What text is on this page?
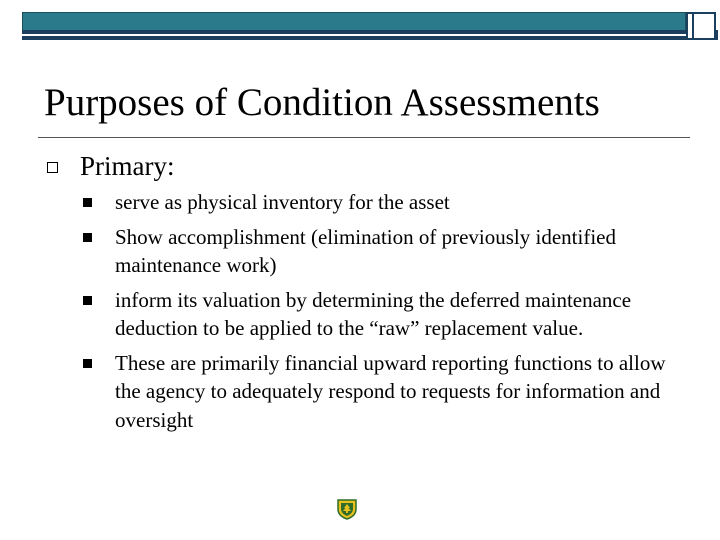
Purposes of Condition Assessments
Primary:
serve as physical inventory for the asset
Show accomplishment (elimination of previously identified maintenance work)
inform its valuation by determining the deferred maintenance deduction to be applied to the “raw” replacement value.
These are primarily financial upward reporting functions to allow the agency to adequately respond to requests for information and oversight
